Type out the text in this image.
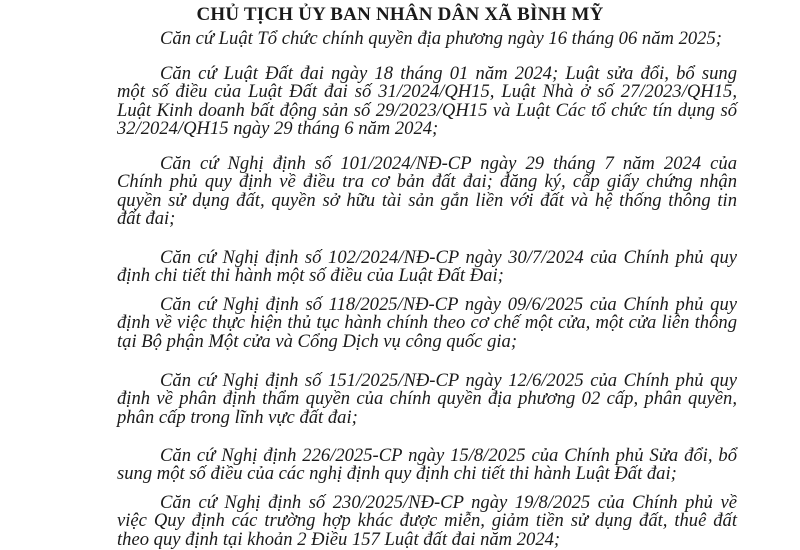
CHỦ TỊCH ỦY BAN NHÂN DÂN XÃ BÌNH MỸ
Căn cứ Luật Tổ chức chính quyền địa phương ngày 16 tháng 06 năm 2025;
Căn cứ Luật Đất đai ngày 18 tháng 01 năm 2024; Luật sửa đổi, bổ sung
một số điều của Luật Đất đai số 31/2024/QH15, Luật Nhà ở số 27/2023/QH15,
Luật Kinh doanh bất động sản số 29/2023/QH15 và Luật Các tổ chức tín dụng số
32/2024/QH15 ngày 29 tháng 6 năm 2024;
Căn cứ Nghị định số 101/2024/NĐ-CP ngày 29 tháng 7 năm 2024 của
Chính phủ quy định về điều tra cơ bản đất đai; đăng ký, cấp giấy chứng nhận
quyền sử dụng đất, quyền sở hữu tài sản gắn liền với đất và hệ thống thông tin
đất đai;
Căn cứ Nghị định số 102/2024/NĐ-CP ngày 30/7/2024 của Chính phủ quy
định chi tiết thi hành một số điều của Luật Đất Đai;
Căn cứ Nghị định số 118/2025/NĐ-CP ngày 09/6/2025 của Chính phủ quy
định về việc thực hiện thủ tục hành chính theo cơ chế một cửa, một cửa liên thông
tại Bộ phận Một cửa và Cổng Dịch vụ công quốc gia;
Căn cứ Nghị định số 151/2025/NĐ-CP ngày 12/6/2025 của Chính phủ quy
định về phân định thẩm quyền của chính quyền địa phương 02 cấp, phân quyền,
phân cấp trong lĩnh vực đất đai;
Căn cứ Nghị định 226/2025-CP ngày 15/8/2025 của Chính phủ Sửa đổi, bổ
sung một số điều của các nghị định quy định chi tiết thi hành Luật Đất đai;
Căn cứ Nghị định số 230/2025/NĐ-CP ngày 19/8/2025 của Chính phủ về
việc Quy định các trường hợp khác được miễn, giảm tiền sử dụng đất, thuê đất
theo quy định tại khoản 2 Điều 157 Luật đất đai năm 2024;
